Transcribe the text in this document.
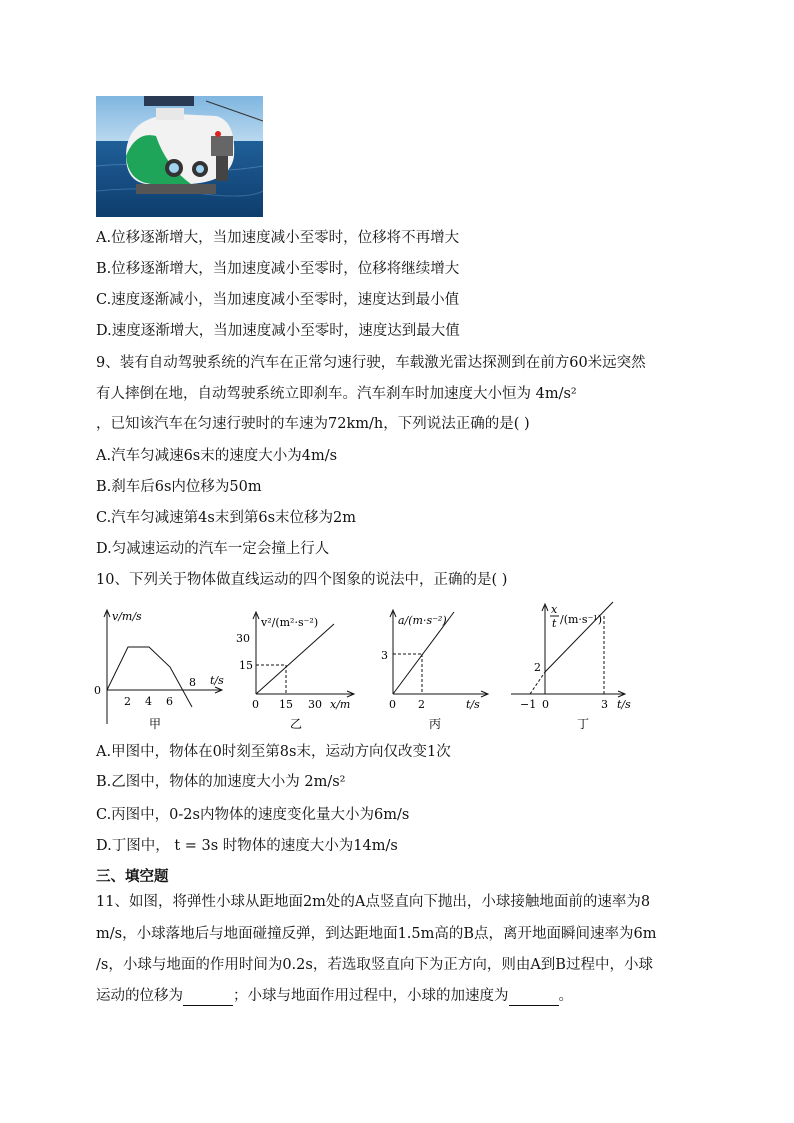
A.位移逐渐增大，当加速度减小至零时，位移将不再增大
B.位移逐渐增大，当加速度减小至零时，位移将继续增大
C.速度逐渐减小，当加速度减小至零时，速度达到最小值
D.速度逐渐增大，当加速度减小至零时，速度达到最大值
9、装有自动驾驶系统的汽车在正常匀速行驶，车载激光雷达探测到在前方60米远突然
有人摔倒在地，自动驾驶系统立即刹车。汽车刹车时加速度大小恒为 4m/s²
，已知该汽车在匀速行驶时的车速为72km/h，下列说法正确的是( )
A.汽车匀减速6s末的速度大小为4m/s
B.刹车后6s内位移为50m
C.汽车匀减速第4s末到第6s末位移为2m
D.匀减速运动的汽车一定会撞上行人
10、下列关于物体做直线运动的四个图象的说法中，正确的是( )
v/m/s
0
2 4 6
8 t/s
甲
v²/(m²·s⁻²)
30
15
0 15 30 x/m
乙
a/(m·s⁻²)
3
0 2	t/s
丙
x
t /(m·s⁻¹)
2
−1 0	3 t/s
丁
A.甲图中，物体在0时刻至第8s末，运动方向仅改变1次
B.乙图中，物体的加速度大小为 2m/s²
C.丙图中，0-2s内物体的速度变化量大小为6m/s
D.丁图中， t = 3s 时物体的速度大小为14m/s
三、填空题
11、如图，将弹性小球从距地面2m处的A点竖直向下抛出，小球接触地面前的速率为8
m/s，小球落地后与地面碰撞反弹，到达距地面1.5m高的B点，离开地面瞬间速率为6m
/s，小球与地面的作用时间为0.2s，若选取竖直向下为正方向，则由A到B过程中，小球
运动的位移为	；小球与地面作用过程中，小球的加速度为	。
